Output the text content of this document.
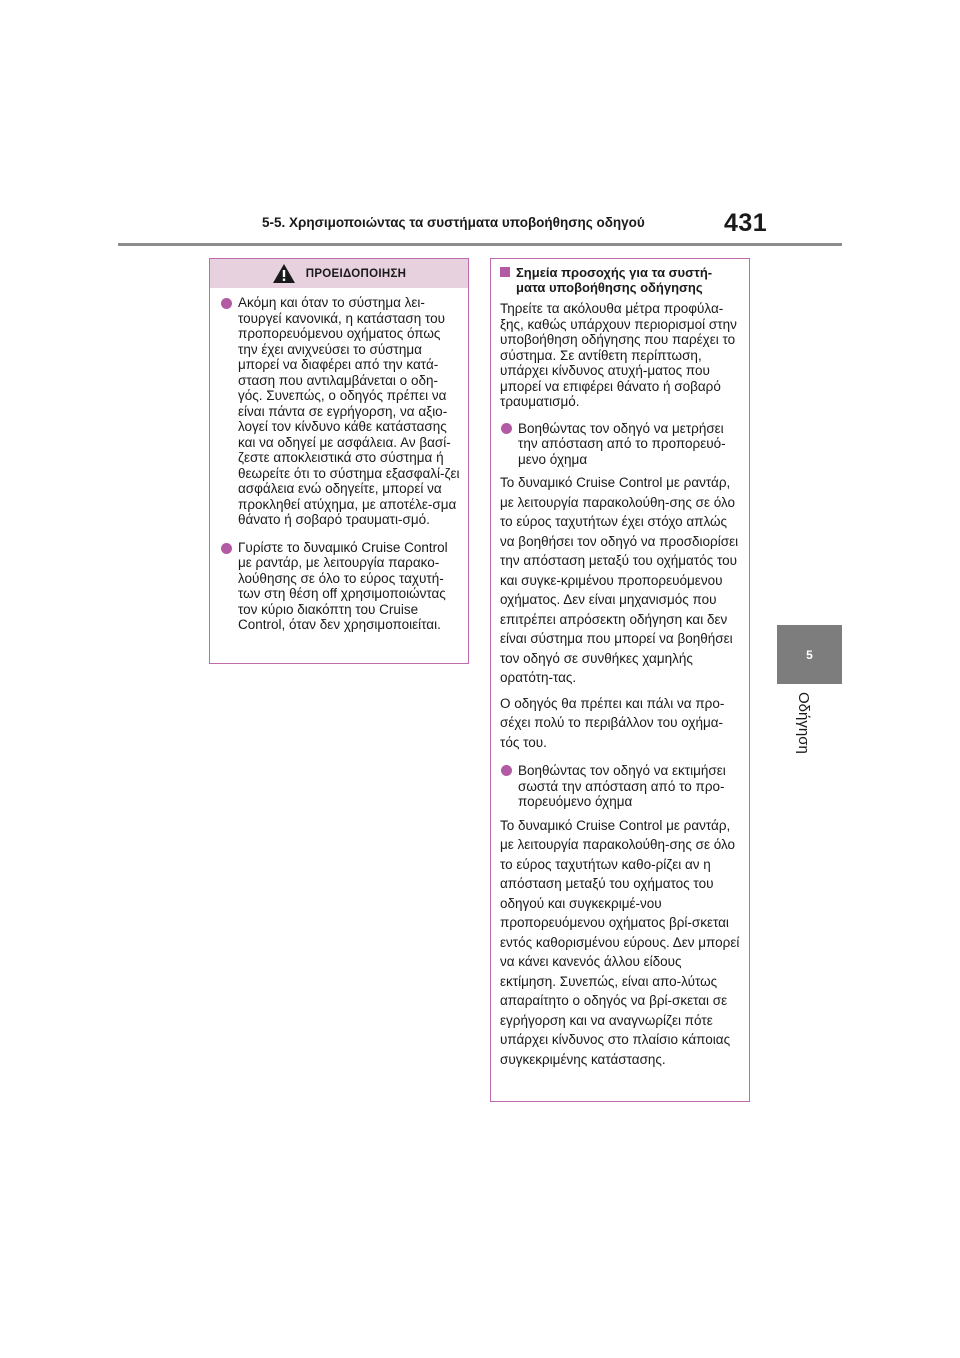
5-5. Χρησιμοποιώντας τα συστήματα υποβοήθησης οδηγού	431
5
Οδήγηση
ΠΡΟΕΙΔΟΠΟΙΗΣΗ
Ακόμη και όταν το σύστημα λει-τουργεί κανονικά, η κατάσταση του προπορευόμενου οχήματος όπως την έχει ανιχνεύσει το σύστημα μπορεί να διαφέρει από την κατά-σταση που αντιλαμβάνεται ο οδη-γός. Συνεπώς, ο οδηγός πρέπει να είναι πάντα σε εγρήγορση, να αξιο-λογεί τον κίνδυνο κάθε κατάστασης και να οδηγεί με ασφάλεια. Αν βασί-ζεστε αποκλειστικά στο σύστημα ή θεωρείτε ότι το σύστημα εξασφαλί-ζει ασφάλεια ενώ οδηγείτε, μπορεί να προκληθεί ατύχημα, με αποτέλε-σμα θάνατο ή σοβαρό τραυματι-σμό.
Γυρίστε το δυναμικό Cruise Control με ραντάρ, με λειτουργία παρακο-λούθησης σε όλο το εύρος ταχυτή-των στη θέση off χρησιμοποιώντας τον κύριο διακόπτη του Cruise Control, όταν δεν χρησιμοποιείται.
Σημεία προσοχής για τα συστή-ματα υποβοήθησης οδήγησης
Τηρείτε τα ακόλουθα μέτρα προφύλα-ξης, καθώς υπάρχουν περιορισμοί στην υποβοήθηση οδήγησης που παρέχει το σύστημα. Σε αντίθετη περίπτωση, υπάρχει κίνδυνος ατυχή-ματος που μπορεί να επιφέρει θάνατο ή σοβαρό τραυματισμό.
Βοηθώντας τον οδηγό να μετρήσει την απόσταση από το προπορευό-μενο όχημα
Το δυναμικό Cruise Control με ραντάρ, με λειτουργία παρακολούθη-σης σε όλο το εύρος ταχυτήτων έχει στόχο απλώς να βοηθήσει τον οδηγό να προσδιορίσει την απόσταση μεταξύ του οχήματός του και συγκε-κριμένου προπορευόμενου οχήματος. Δεν είναι μηχανισμός που επιτρέπει απρόσεκτη οδήγηση και δεν είναι σύστημα που μπορεί να βοηθήσει τον οδηγό σε συνθήκες χαμηλής ορατότη-τας.
Ο οδηγός θα πρέπει και πάλι να προ-σέχει πολύ το περιβάλλον του οχήμα-τός του.
Βοηθώντας τον οδηγό να εκτιμήσει σωστά την απόσταση από το προ-πορευόμενο όχημα
Το δυναμικό Cruise Control με ραντάρ, με λειτουργία παρακολούθη-σης σε όλο το εύρος ταχυτήτων καθο-ρίζει αν η απόσταση μεταξύ του οχήματος του οδηγού και συγκεκριμέ-νου προπορευόμενου οχήματος βρί-σκεται εντός καθορισμένου εύρους. Δεν μπορεί να κάνει κανενός άλλου είδους εκτίμηση. Συνεπώς, είναι απο-λύτως απαραίτητο ο οδηγός να βρί-σκεται σε εγρήγορση και να αναγνωρίζει πότε υπάρχει κίνδυνος στο πλαίσιο κάποιας συγκεκριμένης κατάστασης.
